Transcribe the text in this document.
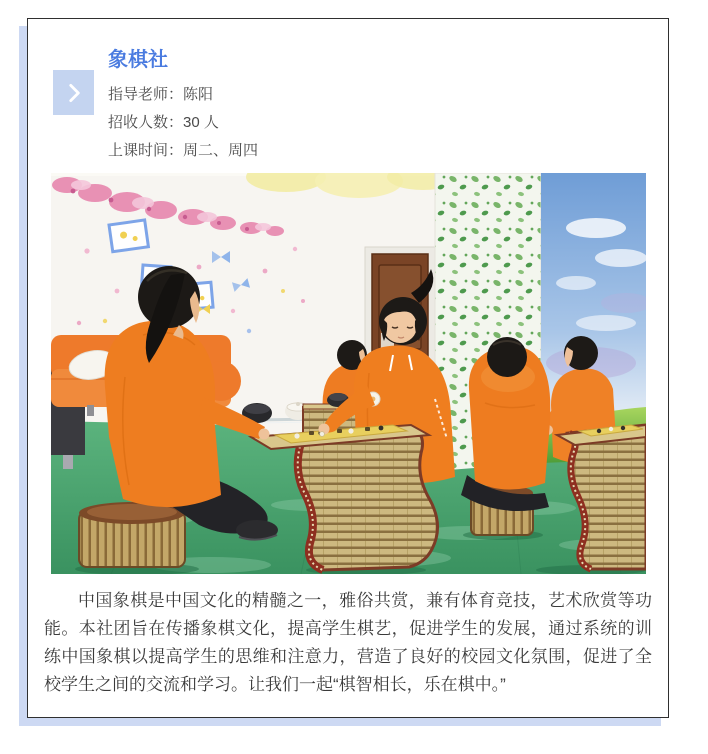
象棋社
指导老师：陈阳
招收人数：30 人
上课时间：周二、周四

中国象棋是中国文化的精髓之一，雅俗共赏，兼有体育竞技，艺术欣赏等功能。本社团旨在传播象棋文化，提高学生棋艺，促进学生的发展，通过系统的训练中国象棋以提高学生的思维和注意力，营造了良好的校园文化氛围，促进了全校学生之间的交流和学习。让我们一起“棋智相长，乐在棋中。”
